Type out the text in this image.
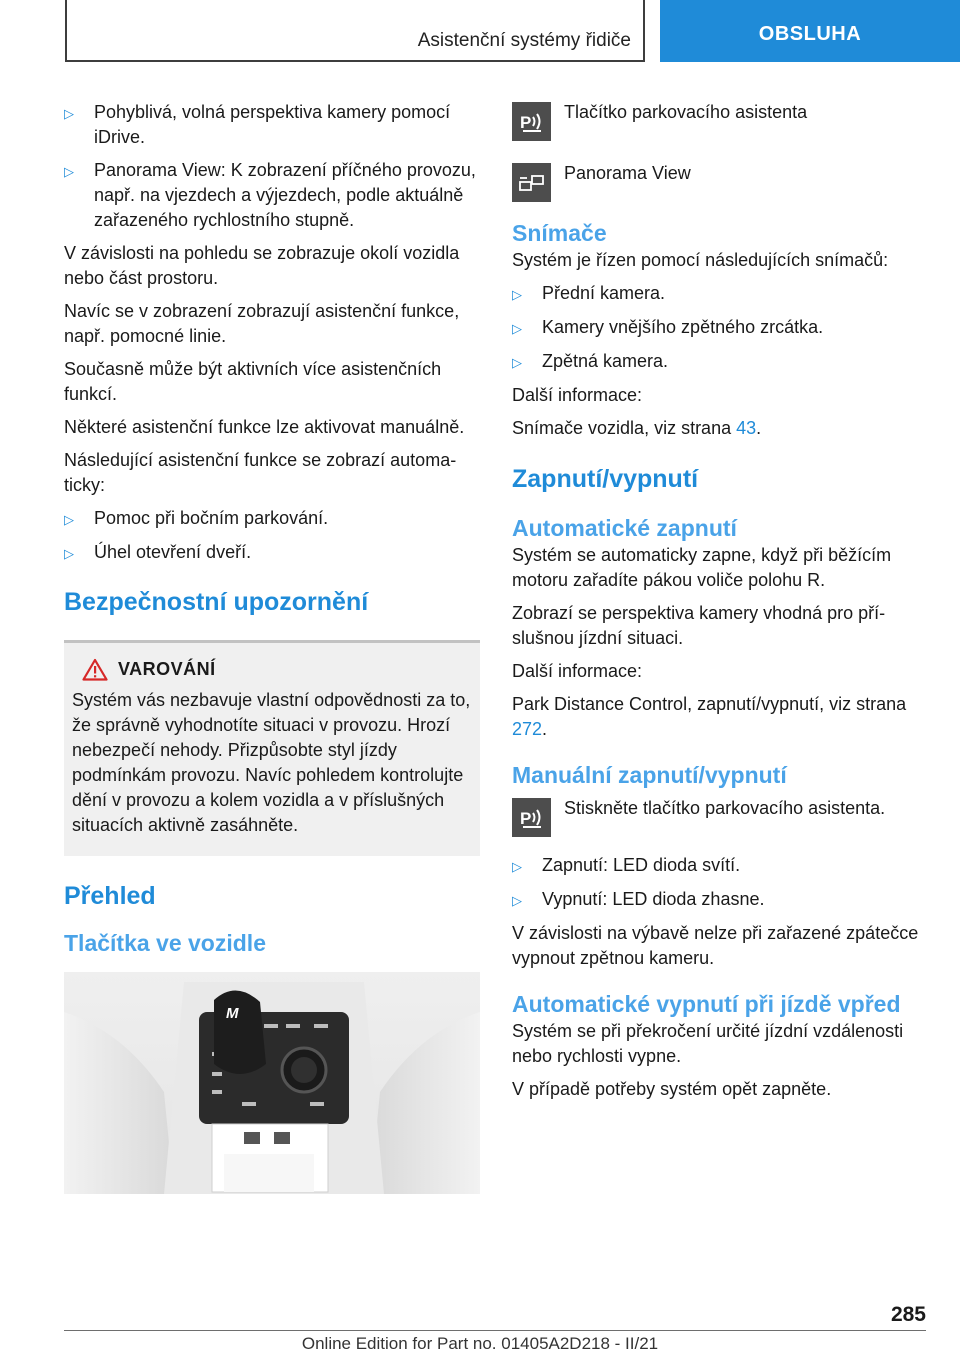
Asistenční systémy řidiče	OBSLUHA
▷	Pohyblivá, volná perspektiva kamery pomocí iDrive.
▷	Panorama View: K zobrazení příčného provozu, např. na vjezdech a výjezdech, podle aktuálně zařazeného rychlostního stupně.

V závislosti na pohledu se zobrazuje okolí vozidla nebo část prostoru.

Navíc se v zobrazení zobrazují asistenční funkce, např. pomocné linie.

Současně může být aktivních více asistenčních funkcí.

Některé asistenční funkce lze aktivovat manuálně.

Následující asistenční funkce se zobrazí automaticky:

▷	Pomoc při bočním parkování.
▷	Úhel otevření dveří.
Bezpečnostní upozornění
VAROVÁNÍ
Systém vás nezbavuje vlastní odpovědnosti za to, že správně vyhodnotíte situaci v provozu. Hrozí nebezpečí nehody. Přizpůsobte styl jízdy podmínkám provozu. Navíc pohledem kontrolujte dění v provozu a kolem vozidla a v příslušných situacích aktivně zasáhněte.
Přehled
Tlačítka ve vozidle
M
P Tlačítko parkovacího asistenta
Panorama View
Snímače

Systém je řízen pomocí následujících snímačů:

▷	Přední kamera.
▷	Kamery vnějšího zpětného zrcátka.
▷	Zpětná kamera.

Další informace:

Snímače vozidla, viz strana 43.

Zapnutí/vypnutí
Automatické zapnutí

Systém se automaticky zapne, když při běžícím motoru zařadíte pákou voliče polohu R.

Zobrazí se perspektiva kamery vhodná pro příslušnou jízdní situaci.

Další informace:

Park Distance Control, zapnutí/vypnutí, viz strana 272.

Manuální zapnutí/vypnutí
P Stiskněte tlačítko parkovacího asistenta.
▷	Zapnutí: LED dioda svítí.
▷	Vypnutí: LED dioda zhasne.

V závislosti na výbavě nelze při zařazené zpátečce vypnout zpětnou kameru.

Automatické vypnutí při jízdě vpřed

Systém se při překročení určité jízdní vzdálenosti nebo rychlosti vypne.

V případě potřeby systém opět zapněte.

285
Online Edition for Part no. 01405A2D218 - II/21
